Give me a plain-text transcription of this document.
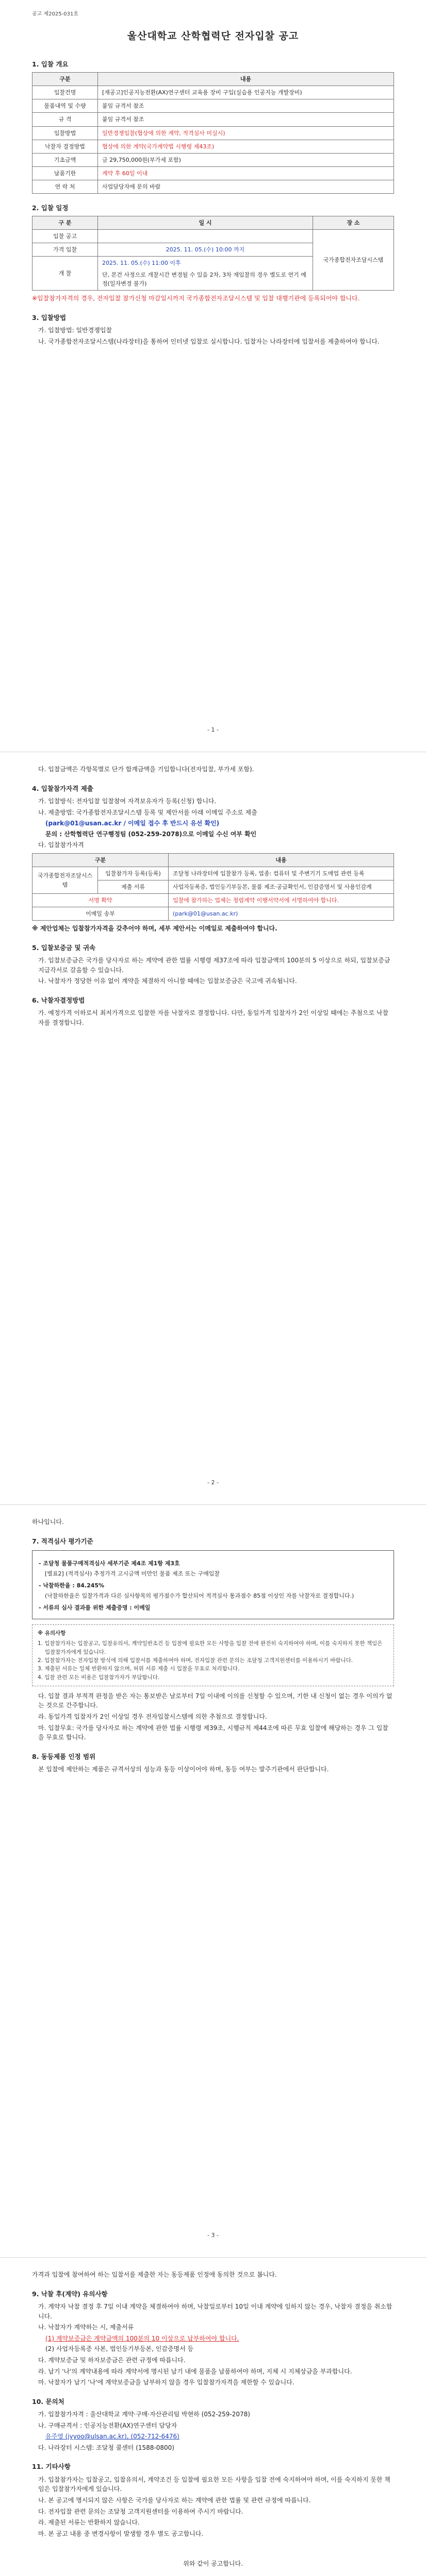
공고 제2025-031호
울산대학교 산학협력단 전자입찰 공고
1. 입찰 개요
구분	내용
입찰건명	[재공고]인공지능전환(AX)연구센터 교육용 장비 구입(실습용 인공지능 개발장비)
물품내역 및 수량	붙임 규격서 참조
규 격	붙임 규격서 참조
입찰방법	일반경쟁입찰(협상에 의한 계약, 적격심사 미실시)
낙찰자 결정방법	협상에 의한 계약(국가계약법 시행령 제43조)
기초금액	금 29,750,000원(부가세 포함)
납품기한	계약 후 60일 이내
연 락 처	사업담당자에 문의 바람
2. 입찰 일정
구 분	일 시	장 소
입찰 공고		국가종합전자조달시스템
가격 입찰	2025. 11. 05.(수) 10:00 까지	
개 찰	2025. 11. 05.(수) 11:00 이후
단, 본건 사정으로 개찰시간 변경될 수 있음 2차, 3차 재입찰의 경우 별도로 연기 예정(일자변경 불가)	
※입찰참가자격의 경우, 전자입찰 참가신청 마감일시까지 국가종합전자조달시스템 및 입찰 대행기관에 등록되어야 합니다.
3. 입찰방법
가. 입찰방법: 일반경쟁입찰
나. 국가종합전자조달시스템(나라장터)을 통하여 인터넷 입찰로 실시합니다. 입찰자는 나라장터에 입찰서를 제출하여야 합니다.
- 1 -
다. 입찰금액은 각항목별로 단가 합계금액을 기입합니다(전자입찰, 부가세 포함).
4. 입찰참가자격 제출
가. 입찰방식: 전자입찰 입찰참여 자격보유자가 등록(신청) 합니다.
나. 제출방법: 국가종합전자조달시스템 등록 및 제안서를 아래 이메일 주소로 제출
(park@01@usan.ac.kr / 이메일 접수 후 반드시 유선 확인)
문의 : 산학협력단 연구행정팀 (052-259-2078)으로 이메일 수신 여부 확인
다. 입찰참가자격
구분		내용
국가종합전자조달시스템	입찰참가자 등록(등록)	조달청 나라장터에 입찰참가 등록, 업종: 컴퓨터 및 주변기기 도매업 관련 등록
	제출 서류	사업자등록증, 법인등기부등본, 물품 제조·공급확인서, 인감증명서 및 사용인감계
서명 확약		입찰에 참가하는 업체는 청렴계약 이행서약서에 서명하여야 합니다.
이메일 송부		(park@01@usan.ac.kr)
※ 제안업체는 입찰참가자격을 갖추어야 하며, 세부 제안서는 이메일로 제출하여야 합니다.
5. 입찰보증금 및 귀속
가. 입찰보증금은 국가를 당사자로 하는 계약에 관한 법률 시행령 제37조에 따라 입찰금액의 100분의 5 이상으로 하되, 입찰보증금 지급각서로 갈음할 수 있습니다.
나. 낙찰자가 정당한 이유 없이 계약을 체결하지 아니할 때에는 입찰보증금은 국고에 귀속됩니다.
6. 낙찰자결정방법
가. 예정가격 이하로서 최저가격으로 입찰한 자를 낙찰자로 결정합니다. 다만, 동일가격 입찰자가 2인 이상일 때에는 추첨으로 낙찰자를 결정합니다.
- 2 -
하나입니다.
7. 적격심사 평가기준
- 조달청 물품구매적격심사 세부기준 제4조 제1항 제3호
[별표2] (적격심사) 추정가격 고시금액 미만인 물품 제조 또는 구매입찰
- 낙찰하한율 : 84.245%
(낙찰하한율은 입찰가격과 다른 심사항목의 평가점수가 합산되어 적격심사 통과점수 85점 이상인 자를 낙찰자로 결정합니다.)
- 서류의 심사 결과를 위한 제출증명 : 이메일
※ 유의사항
1. 입찰참가자는 입찰공고, 입찰유의서, 계약일반조건 등 입찰에 필요한 모든 사항을 입찰 전에 완전히 숙지하여야 하며, 이를 숙지하지 못한 책임은 입찰참가자에게 있습니다.
2. 입찰참가자는 전자입찰 방식에 의해 입찰서를 제출하여야 하며, 전자입찰 관련 문의는 조달청 고객지원센터를 이용하시기 바랍니다.
3. 제출된 서류는 일체 반환하지 않으며, 허위 서류 제출 시 입찰을 무효로 처리합니다.
4. 입찰 관련 모든 비용은 입찰참가자가 부담합니다.
다. 입찰 결과 부적격 판정을 받은 자는 통보받은 날로부터 7일 이내에 이의를 신청할 수 있으며, 기한 내 신청이 없는 경우 이의가 없는 것으로 간주합니다.
라. 동일가격 입찰자가 2인 이상일 경우 전자입찰시스템에 의한 추첨으로 결정합니다.
마. 입찰무효: 국가를 당사자로 하는 계약에 관한 법률 시행령 제39조, 시행규칙 제44조에 따른 무효 입찰에 해당하는 경우 그 입찰을 무효로 합니다.
8. 동등제품 인정 범위
본 입찰에 제안하는 제품은 규격서상의 성능과 동등 이상이어야 하며, 동등 여부는 발주기관에서 판단합니다.
- 3 -
가격과 입찰에 참여하여 하는 입찰서를 제출한 자는 동등제품 인정에 동의한 것으로 봅니다.
9. 낙찰 후(계약) 유의사항
가. 계약자 낙찰 결정 후 7일 이내 계약을 체결하여야 하며, 낙찰일로부터 10일 이내 계약에 임하지 않는 경우, 낙찰자 결정을 취소합니다.
나. 낙찰자가 계약하는 시, 제출서류
(1) 계약보증금은 계약금액의 100분의 10 이상으로 납부하여야 합니다.
(2) 사업자등록증 사본, 법인등기부등본, 인감증명서 등
다. 계약보증금 및 하자보증금은 관련 규정에 따릅니다.
라. 납기 '나'의 계약내용에 따라 계약서에 명시된 납기 내에 물품을 납품하여야 하며, 지체 시 지체상금을 부과합니다.
마. 낙찰자가 납기 '나'에 계약보증금을 납부하지 않을 경우 입찰참가자격을 제한할 수 있습니다.
10. 문의처
가. 입찰참가자격 : 울산대학교 계약·구매·자산관리팀 박현하 (052-259-2078)
나. 구매규격서 : 인공지능전환(AX)연구센터 담당자
유주영 (jyyoo@ulsan.ac.kr), (052-712-6476)
다. 나라장터 시스템: 조달청 콜센터 (1588-0800)
11. 기타사항
가. 입찰참가자는 입찰공고, 입찰유의서, 계약조건 등 입찰에 필요한 모든 사항을 입찰 전에 숙지하여야 하며, 이를 숙지하지 못한 책임은 입찰참가자에게 있습니다.
나. 본 공고에 명시되지 않은 사항은 국가를 당사자로 하는 계약에 관한 법률 및 관련 규정에 따릅니다.
다. 전자입찰 관련 문의는 조달청 고객지원센터를 이용하여 주시기 바랍니다.
라. 제출된 서류는 반환하지 않습니다.
마. 본 공고 내용 중 변경사항이 발생할 경우 별도 공고합니다.
위와 같이 공고합니다.
